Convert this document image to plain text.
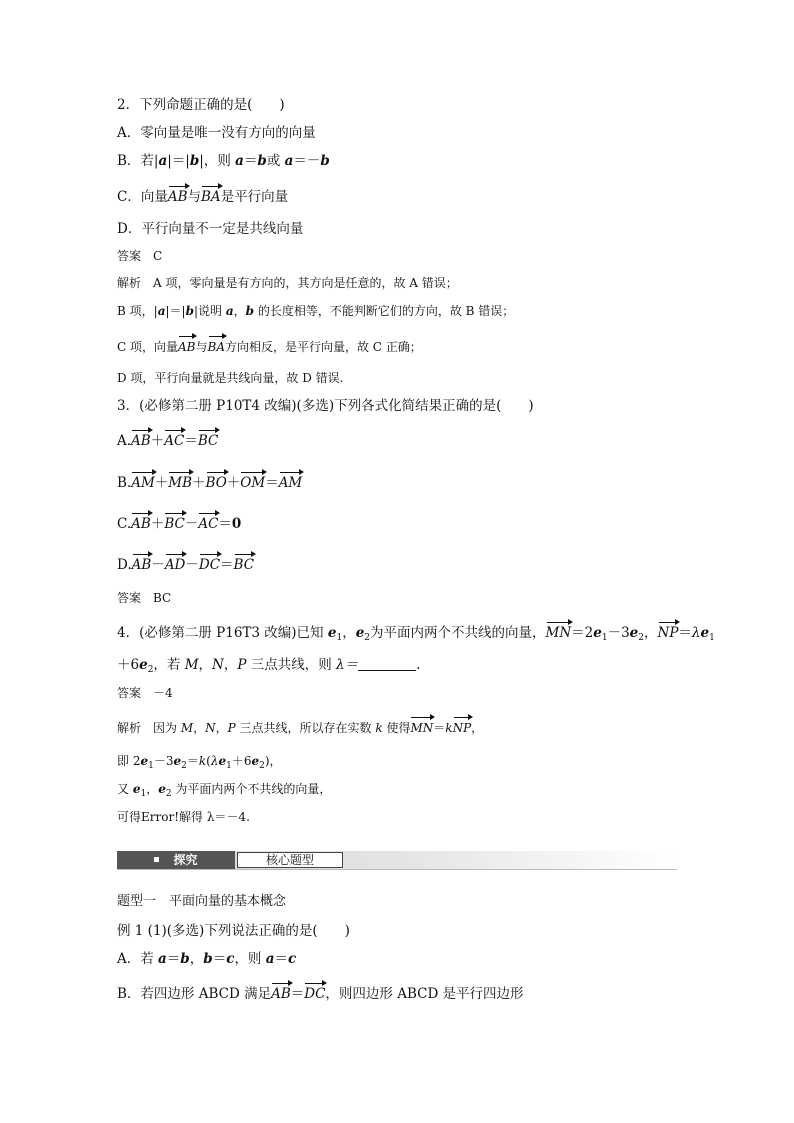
2．下列命题正确的是(　　)
A．零向量是唯一没有方向的向量
B．若|a|＝|b|，则 a＝b或 a＝－b
C．向量AB与BA是平行向量
D．平行向量不一定是共线向量
答案　C
解析　A 项，零向量是有方向的，其方向是任意的，故 A 错误；
B 项，|a|＝|b|说明 a，b 的长度相等，不能判断它们的方向，故 B 错误；
C 项，向量AB与BA方向相反，是平行向量，故 C 正确；
D 项，平行向量就是共线向量，故 D 错误.
3．(必修第二册 P10T4 改编)(多选)下列各式化简结果正确的是(　　)
A.AB＋AC＝BC
B.AM＋MB＋BO＋OM＝AM
C.AB＋BC－AC＝0
D.AB－AD－DC＝BC
答案　BC
4．(必修第二册 P16T3 改编)已知 $e_1$，$e_2$为平面内两个不共线的向量，$MN=2e_1-3e_2$，$NP=\lambda e_1$
$+6e_2$，若 M，N，P 三点共线，则 λ＝	.
答案　－4
解析　因为 M，N，P 三点共线，所以存在实数 k 使得MN＝kNP，
即 $2e_1-3e_2=k(\lambda e_1+6e_2)$，
又 $e_1$，$e_2$ 为平面内两个不共线的向量，
可得Error!解得 λ＝－4.
探究	核心题型
题型一　平面向量的基本概念
例 1 (1)(多选)下列说法正确的是(　　)
A．若 a＝b，b＝c，则 a＝c
B．若四边形 ABCD 满足AB＝DC，则四边形 ABCD 是平行四边形
